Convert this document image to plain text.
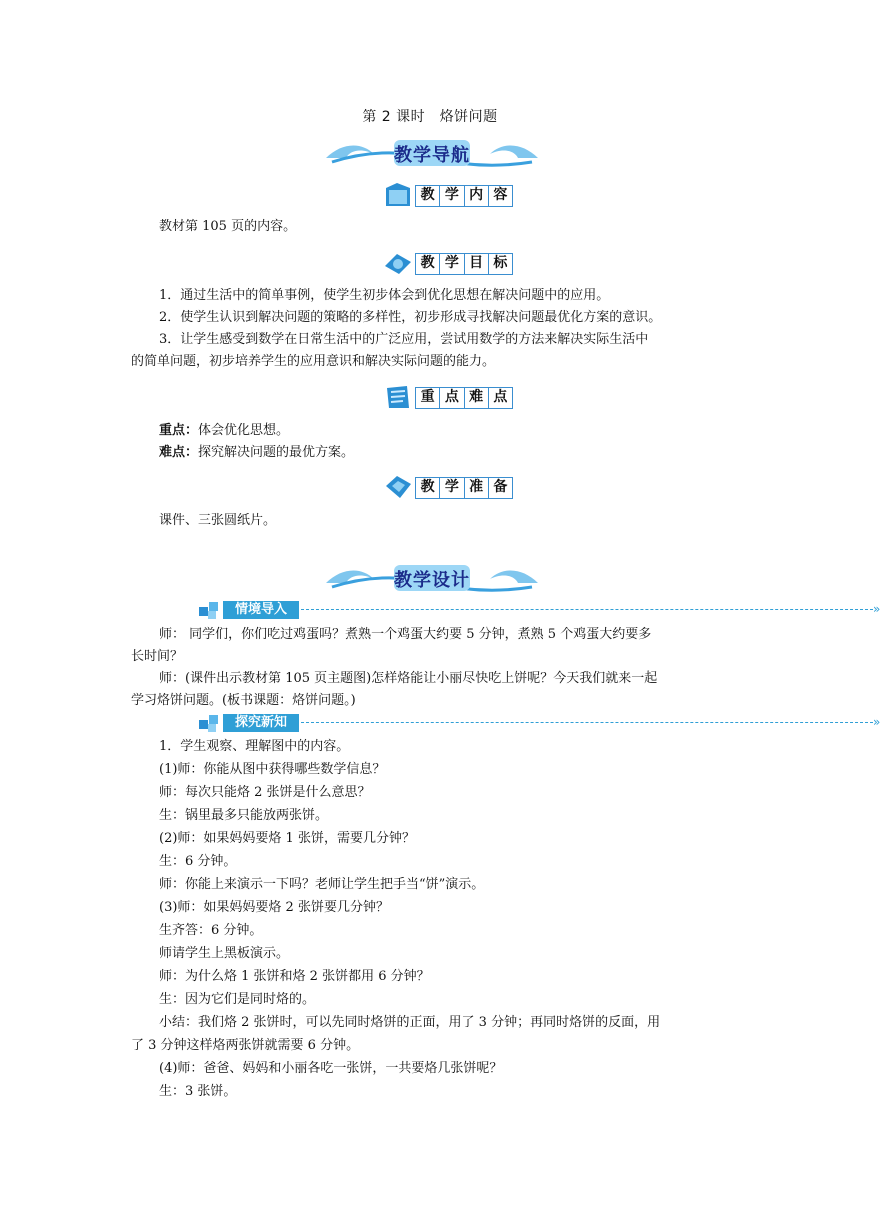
第 2 课时　烙饼问题
教学导航
教 学 内 容
教材第 105 页的内容。
教 学 目 标
1．通过生活中的简单事例，使学生初步体会到优化思想在解决问题中的应用。
2．使学生认识到解决问题的策略的多样性，初步形成寻找解决问题最优化方案的意识。
3．让学生感受到数学在日常生活中的广泛应用，尝试用数学的方法来解决实际生活中
的简单问题，初步培养学生的应用意识和解决实际问题的能力。
重 点 难 点
重点：体会优化思想。
难点：探究解决问题的最优方案。
教 学 准 备
课件、三张圆纸片。
教学设计
情境导入	»
师： 同学们，你们吃过鸡蛋吗？煮熟一个鸡蛋大约要 5 分钟，煮熟 5 个鸡蛋大约要多
长时间？
师：(课件出示教材第 105 页主题图)怎样烙能让小丽尽快吃上饼呢？今天我们就来一起
学习烙饼问题。(板书课题：烙饼问题。)
探究新知	»
1．学生观察、理解图中的内容。
(1)师：你能从图中获得哪些数学信息？
师：每次只能烙 2 张饼是什么意思？
生：锅里最多只能放两张饼。
(2)师：如果妈妈要烙 1 张饼，需要几分钟？
生：6 分钟。
师：你能上来演示一下吗？老师让学生把手当“饼”演示。
(3)师：如果妈妈要烙 2 张饼要几分钟？
生齐答：6 分钟。
师请学生上黑板演示。
师：为什么烙 1 张饼和烙 2 张饼都用 6 分钟？
生：因为它们是同时烙的。
小结：我们烙 2 张饼时，可以先同时烙饼的正面，用了 3 分钟；再同时烙饼的反面，用
了 3 分钟这样烙两张饼就需要 6 分钟。
(4)师：爸爸、妈妈和小丽各吃一张饼，一共要烙几张饼呢？
生：3 张饼。
